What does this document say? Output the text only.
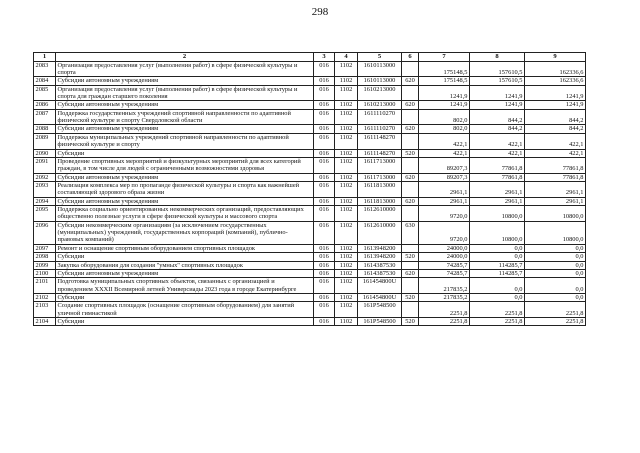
298
1	2	3	4	5	6	7	8	9
2083	Организация предоставления услуг (выполнения работ) в сфере физической культуры и спорта	016	1102	1610113000		175148,5	157610,5	162336,6
2084	Субсидии автономным учреждениям	016	1102	1610113000	620	175148,5	157610,5	162336,6
2085	Организация предоставления услуг (выполнения работ) в сфере физической культуры и спорта для граждан старшего поколения	016	1102	1610213000		1241,9	1241,9	1241,9
2086	Субсидии автономным учреждениям	016	1102	1610213000	620	1241,9	1241,9	1241,9
2087	Поддержка государственных учреждений спортивной направленности по адаптивной физической культуре и спорту Свердловской области	016	1102	1611110270		802,0	844,2	844,2
2088	Субсидии автономным учреждениям	016	1102	1611110270	620	802,0	844,2	844,2
2089	Поддержка муниципальных учреждений спортивной направленности по адаптивной физической культуре и спорту	016	1102	1611148270		422,1	422,1	422,1
2090	Субсидии	016	1102	1611148270	520	422,1	422,1	422,1
2091	Проведение спортивных мероприятий и физкультурных мероприятий для всех категорий граждан, в том числе для людей с ограниченными возможностями здоровья	016	1102	1611713000		89207,3	77861,8	77861,8
2092	Субсидии автономным учреждениям	016	1102	1611713000	620	89207,3	77861,8	77861,8
2093	Реализация комплекса мер по пропаганде физической культуры и спорта как важнейшей составляющей здорового образа жизни	016	1102	1611813000		2961,1	2961,1	2961,1
2094	Субсидии автономным учреждениям	016	1102	1611813000	620	2961,1	2961,1	2961,1
2095	Поддержка социально ориентированных некоммерческих организаций, предоставляющих общественно полезные услуги в сфере физической культуры и массового спорта	016	1102	1612610000		9720,0	10800,0	10800,0
2096	Субсидии некоммерческим организациям (за исключением государственных (муниципальных) учреждений, государственных корпораций (компаний), публично-правовых компаний)	016	1102	1612610000	630	9720,0	10800,0	10800,0
2097	Ремонт и оснащение спортивным оборудованием спортивных площадок	016	1102	1613948200		24000,0	0,0	0,0
2098	Субсидии	016	1102	1613948200	520	24000,0	0,0	0,0
2099	Закупка оборудования для создания "умных" спортивных площадок	016	1102	1614387530		74285,7	114285,7	0,0
2100	Субсидии автономным учреждениям	016	1102	1614387530	620	74285,7	114285,7	0,0
2101	Подготовка муниципальных спортивных объектов, связанных с организацией и проведением XXXII Всемирной летней Универсиады 2023 года в городе Екатеринбурге	016	1102	161454800U		217835,2	0,0	0,0
2102	Субсидии	016	1102	161454800U	520	217835,2	0,0	0,0
2103	Создание спортивных площадок (оснащение спортивным оборудованием) для занятий уличной гимнастикой	016	1102	161P548500		2251,8	2251,8	2251,8
2104	Субсидии	016	1102	161P548500	520	2251,8	2251,8	2251,8
